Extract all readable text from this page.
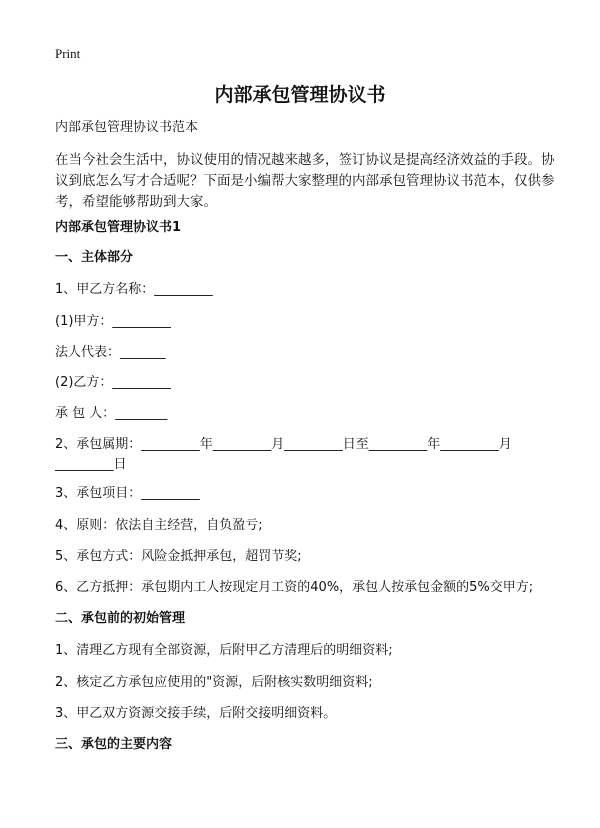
Print
内部承包管理协议书
内部承包管理协议书范本
在当今社会生活中，协议使用的情况越来越多，签订协议是提高经济效益的手段。协议到底怎么写才合适呢？下面是小编帮大家整理的内部承包管理协议书范本，仅供参考，希望能够帮助到大家。
内部承包管理协议书1
一、主体部分
1、甲乙方名称：_________
(1)甲方：_________
法人代表：_______
(2)乙方：_________
承 包 人：________
2、承包属期：_________年_________月_________日至_________年_________月
_________日
3、承包项目：_________
4、原则：依法自主经营，自负盈亏;
5、承包方式：风险金抵押承包，超罚节奖;
6、乙方抵押：承包期内工人按现定月工资的40%，承包人按承包金额的5%交甲方;
二、承包前的初始管理
1、清理乙方现有全部资源，后附甲乙方清理后的明细资料;
2、核定乙方承包应使用的"资源，后附核实数明细资料;
3、甲乙双方资源交接手续，后附交接明细资料。
三、承包的主要内容
